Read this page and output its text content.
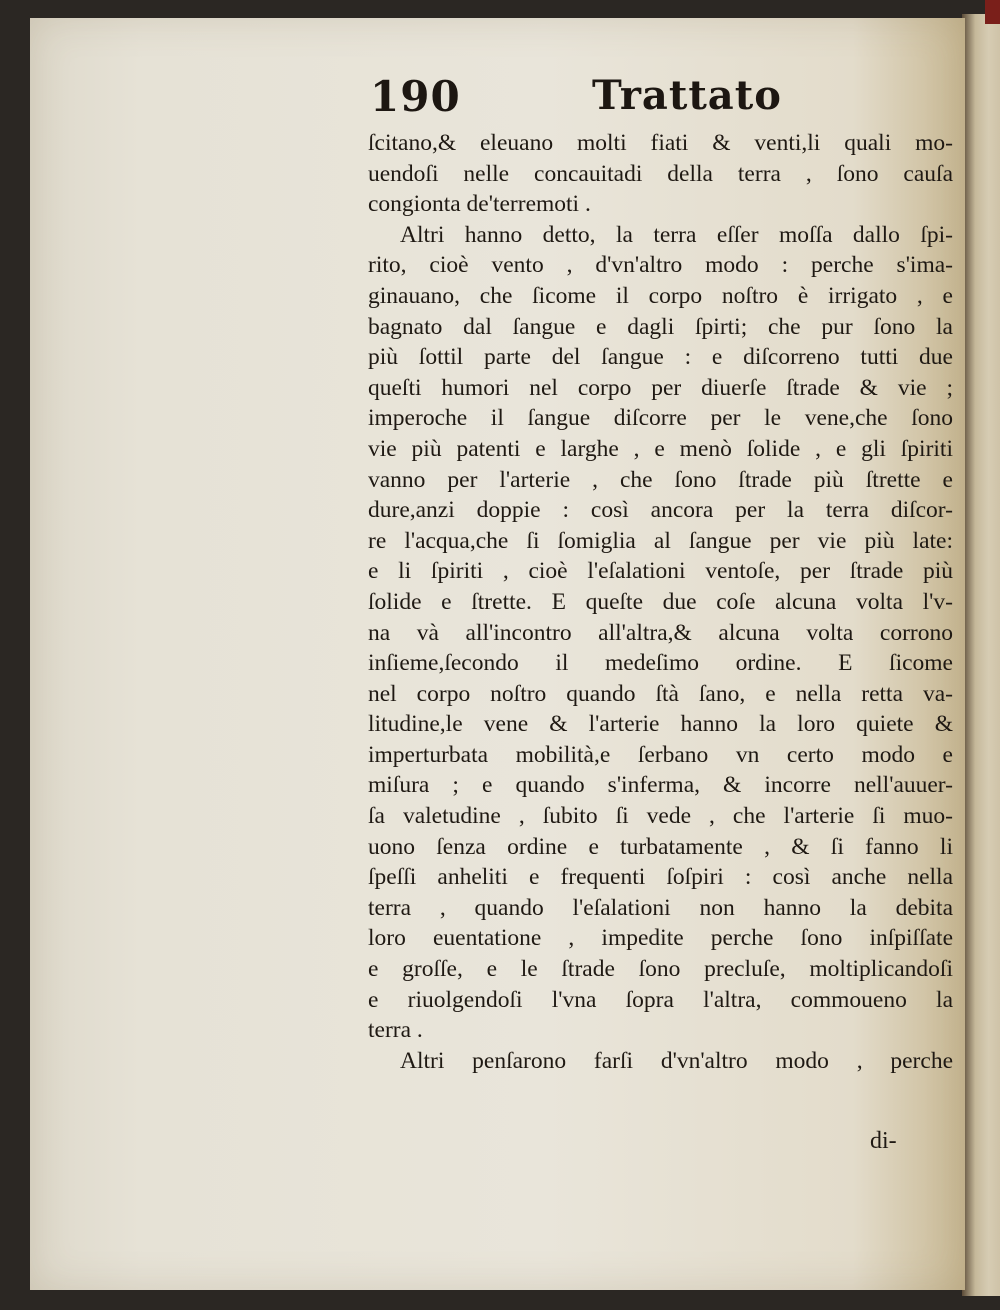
190	Trattato
ſcitano,& eleuano molti fiati & venti,li quali mo-
uendoſi nelle concauitadi della terra , ſono cauſa
congionta de'terremoti .
Altri hanno detto, la terra eſſer moſſa dallo ſpi-
rito, cioè vento , d'vn'altro modo : perche s'ima-
ginauano, che ſicome il corpo noſtro è irrigato , e
bagnato dal ſangue e dagli ſpirti; che pur ſono la
più ſottil parte del ſangue : e diſcorreno tutti due
queſti humori nel corpo per diuerſe ſtrade & vie ;
imperoche il ſangue diſcorre per le vene,che ſono
vie più patenti e larghe , e menò ſolide , e gli ſpiriti
vanno per l'arterie , che ſono ſtrade più ſtrette e
dure,anzi doppie : così ancora per la terra diſcor-
re l'acqua,che ſi ſomiglia al ſangue per vie più late:
e li ſpiriti , cioè l'eſalationi ventoſe, per ſtrade più
ſolide e ſtrette. E queſte due coſe alcuna volta l'v-
na và all'incontro all'altra,& alcuna volta corrono
inſieme,ſecondo il medeſimo ordine. E ſicome
nel corpo noſtro quando ſtà ſano, e nella retta va-
litudine,le vene & l'arterie hanno la loro quiete &
imperturbata mobilità,e ſerbano vn certo modo e
miſura ; e quando s'inferma, & incorre nell'auuer-
ſa valetudine , ſubito ſi vede , che l'arterie ſi muo-
uono ſenza ordine e turbatamente , & ſi fanno li
ſpeſſi anheliti e frequenti ſoſpiri : così anche nella
terra , quando l'eſalationi non hanno la debita
loro euentatione , impedite perche ſono inſpiſſate
e groſſe, e le ſtrade ſono precluſe, moltiplicandoſi
e riuolgendoſi l'vna ſopra l'altra, commoueno la
terra .
Altri penſarono farſi d'vn'altro modo , perche
di-
